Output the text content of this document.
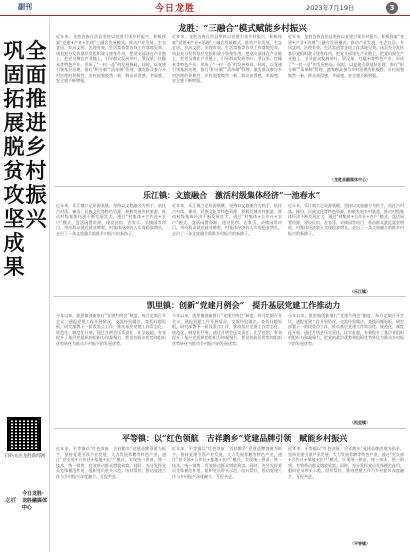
副刊	今日龙胜	2023年7月19日	3
巩固拓展脱贫攻坚成果
全面推进乡村振兴
扫码关注龙胜新闻网
龙胜
今日龙胜·龙胜融媒体中心
龙胜：“三融合”模式赋能乡村振兴
近年来，龙胜各族自治县坚持以党建引领乡村振兴，积极探索“党建+产业+治理”三融合发展模式，推动产业发展、生态宜居、乡风文明、治理有效、生活富裕等各项工作落地见效。该县充分发挥基层党组织战斗堡垒作用，把党支部建在产业链上，把党员聚在产业链上，引导群众发展茶叶、罗汉果、红糯米等特色产业，形成了“一村一品”的发展格局。同时，以党建引领基层治理，推行“积分制”“清单制”管理，激发群众参与乡村治理的积极性，乡村面貌焕然一新，群众获得感、幸福感、安全感不断增强。
近年来，龙胜各族自治县坚持以党建引领乡村振兴，积极探索“党建+产业+治理”三融合发展模式，推动产业发展、生态宜居、乡风文明、治理有效、生活富裕等各项工作落地见效。该县充分发挥基层党组织战斗堡垒作用，把党支部建在产业链上，把党员聚在产业链上，引导群众发展茶叶、罗汉果、红糯米等特色产业，形成了“一村一品”的发展格局。同时，以党建引领基层治理，推行“积分制”“清单制”管理，激发群众参与乡村治理的积极性，乡村面貌焕然一新，群众获得感、幸福感、安全感不断增强。
近年来，龙胜各族自治县坚持以党建引领乡村振兴，积极探索“党建+产业+治理”三融合发展模式，推动产业发展、生态宜居、乡风文明、治理有效、生活富裕等各项工作落地见效。该县充分发挥基层党组织战斗堡垒作用，把党支部建在产业链上，把党员聚在产业链上，引导群众发展茶叶、罗汉果、红糯米等特色产业，形成了“一村一品”的发展格局。同时，以党建引领基层治理，推行“积分制”“清单制”管理，激发群众参与乡村治理的积极性，乡村面貌焕然一新，群众获得感、幸福感、安全感不断增强。
（龙胜县融媒体中心）
乐江镇：文旅融合　激活村级集体经济“一池春水”
近年来，乐江镇立足资源禀赋，坚持以文旅融合为抓手，依托古村落、梯田、民族文化等特色资源，积极发展乡村旅游，推动村级集体经济不断发展壮大。通过“村集体+合作社+农户”模式，盘活闲置资源，建设民宿、农家乐、采摘园等项目，带动群众就近就业增收，村集体经济收入实现稳步增长，走出了一条文旅融合助推乡村振兴的新路子。
近年来，乐江镇立足资源禀赋，坚持以文旅融合为抓手，依托古村落、梯田、民族文化等特色资源，积极发展乡村旅游，推动村级集体经济不断发展壮大。通过“村集体+合作社+农户”模式，盘活闲置资源，建设民宿、农家乐、采摘园等项目，带动群众就近就业增收，村集体经济收入实现稳步增长，走出了一条文旅融合助推乡村振兴的新路子。
近年来，乐江镇立足资源禀赋，坚持以文旅融合为抓手，依托古村落、梯田、民族文化等特色资源，积极发展乡村旅游，推动村级集体经济不断发展壮大。通过“村集体+合作社+农户”模式，盘活闲置资源，建设民宿、农家乐、采摘园等项目，带动群众就近就业增收，村集体经济收入实现稳步增长，走出了一条文旅融合助推乡村振兴的新路子。
（乐江镇）
凯里镇：创新“党建月例会”　提升基层党建工作推动力
今年以来，凯里镇创新推行“党建月例会”制度，每月定期召开会议，通报党建工作开展情况，交流经验做法，查找问题短板，研究部署下一阶段重点工作，推动基层党建工作常态化、规范化、制度化开展。通过月例会压实责任、比学赶超，有效提升了基层党组织的组织力和凝聚力，把党的政治优势和组织优势转化为推动乡村振兴的发展优势。
今年以来，凯里镇创新推行“党建月例会”制度，每月定期召开会议，通报党建工作开展情况，交流经验做法，查找问题短板，研究部署下一阶段重点工作，推动基层党建工作常态化、规范化、制度化开展。通过月例会压实责任、比学赶超，有效提升了基层党组织的组织力和凝聚力，把党的政治优势和组织优势转化为推动乡村振兴的发展优势。
今年以来，凯里镇创新推行“党建月例会”制度，每月定期召开会议，通报党建工作开展情况，交流经验做法，查找问题短板，研究部署下一阶段重点工作，推动基层党建工作常态化、规范化、制度化开展。通过月例会压实责任、比学赶超，有效提升了基层党组织的组织力和凝聚力，把党的政治优势和组织优势转化为推动乡村振兴的发展优势。
（凯里镇）
平等镇：以“红色领航　吉祥鹅乡”党建品牌引领　赋能乡村振兴
近年来，平等镇以“红色领航　吉祥鹅乡”党建品牌创建为抓手，坚持党建引领产业发展，大力发展养鹅等特色产业，通过“党支部+合作社+基地+农户”模式，实现统一供苗、统一技术、统一销售，有效带动群众增收致富。同时，充分发挥党员先锋模范作用，组织党员带头示范、结对帮扶，推动党建工作与乡村振兴深度融合、互促共进。
近年来，平等镇以“红色领航　吉祥鹅乡”党建品牌创建为抓手，坚持党建引领产业发展，大力发展养鹅等特色产业，通过“党支部+合作社+基地+农户”模式，实现统一供苗、统一技术、统一销售，有效带动群众增收致富。同时，充分发挥党员先锋模范作用，组织党员带头示范、结对帮扶，推动党建工作与乡村振兴深度融合、互促共进。
近年来，平等镇以“红色领航　吉祥鹅乡”党建品牌创建为抓手，坚持党建引领产业发展，大力发展养鹅等特色产业，通过“党支部+合作社+基地+农户”模式，实现统一供苗、统一技术、统一销售，有效带动群众增收致富。同时，充分发挥党员先锋模范作用，组织党员带头示范、结对帮扶，推动党建工作与乡村振兴深度融合、互促共进。
（平等镇）
